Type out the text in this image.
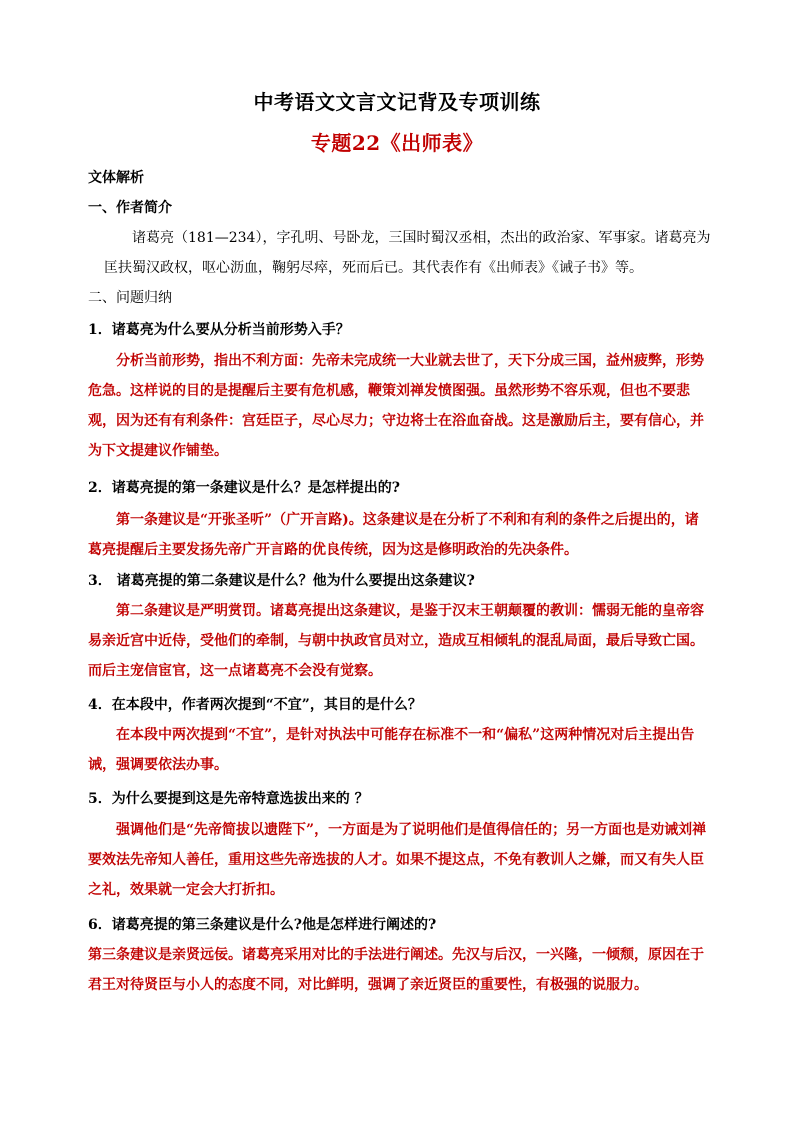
中考语文文言文记背及专项训练
专题22《出师表》
文体解析
一、作者简介
诸葛亮（181—234），字孔明、号卧龙，三国时蜀汉丞相，杰出的政治家、军事家。诸葛亮为匡扶蜀汉政权，呕心沥血，鞠躬尽瘁，死而后已。其代表作有《出师表》《诫子书》等。
二、问题归纳
1．诸葛亮为什么要从分析当前形势入手？
分析当前形势，指出不利方面：先帝未完成统一大业就去世了，天下分成三国，益州疲弊，形势危急。这样说的目的是提醒后主要有危机感，鞭策刘禅发愤图强。虽然形势不容乐观，但也不要悲观，因为还有有利条件：宫廷臣子，尽心尽力；守边将士在浴血奋战。这是激励后主，要有信心，并为下文提建议作铺垫。
2．诸葛亮提的第一条建议是什么？是怎样提出的?
第一条建议是“开张圣听”（广开言路)。这条建议是在分析了不利和有利的条件之后提出的，诸葛亮提醒后主要发扬先帝广开言路的优良传统，因为这是修明政治的先决条件。
3． 诸葛亮提的第二条建议是什么？他为什么要提出这条建议?
第二条建议是严明赏罚。诸葛亮提出这条建议，是鉴于汉末王朝颠覆的教训：懦弱无能的皇帝容易亲近宫中近侍，受他们的牵制，与朝中执政官员对立，造成互相倾轧的混乱局面，最后导致亡国。而后主宠信宦官，这一点诸葛亮不会没有觉察。
4．在本段中，作者两次提到“不宜”，其目的是什么？
在本段中两次提到“不宜”，是针对执法中可能存在标准不一和“偏私”这两种情况对后主提出告诫，强调要依法办事。
5．为什么要提到这是先帝特意选拔出来的 ？
强调他们是“先帝简拔以遗陛下”，一方面是为了说明他们是值得信任的；另一方面也是劝诫刘禅要效法先帝知人善任，重用这些先帝选拔的人才。如果不提这点，不免有教训人之嫌，而又有失人臣之礼，效果就一定会大打折扣。
6．诸葛亮提的第三条建议是什么?他是怎样进行阐述的?
第三条建议是亲贤远佞。诸葛亮采用对比的手法进行阐述。先汉与后汉，一兴隆，一倾颓，原因在于君王对待贤臣与小人的态度不同，对比鲜明，强调了亲近贤臣的重要性，有极强的说服力。
